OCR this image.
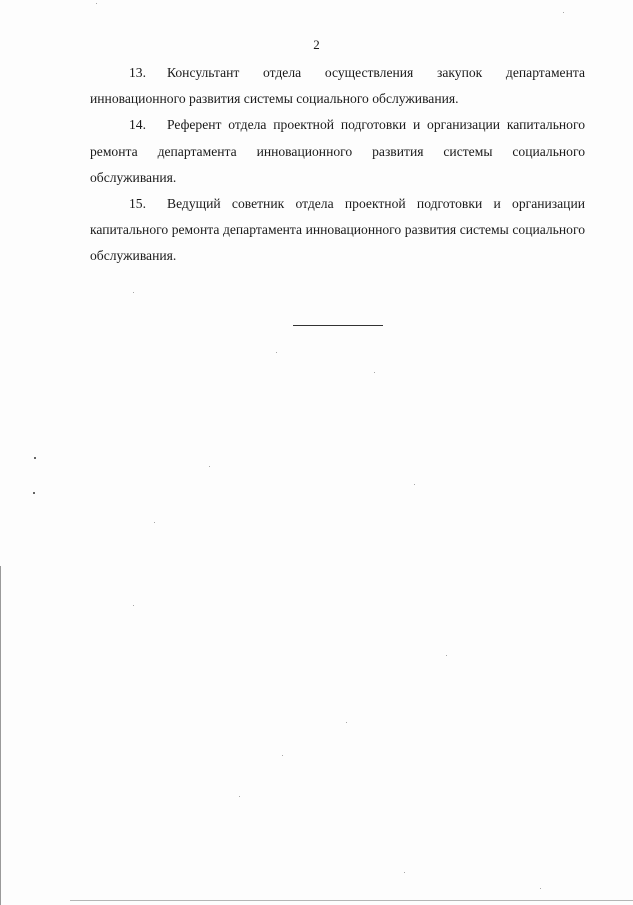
2

13. Консультант отдела осуществления закупок департамента инновационного развития системы социального обслуживания.

14. Референт отдела проектной подготовки и организации капитального ремонта департамента инновационного развития системы социального обслуживания.

15. Ведущий советник отдела проектной подготовки и организации капитального ремонта департамента инновационного развития системы социального обслуживания.
